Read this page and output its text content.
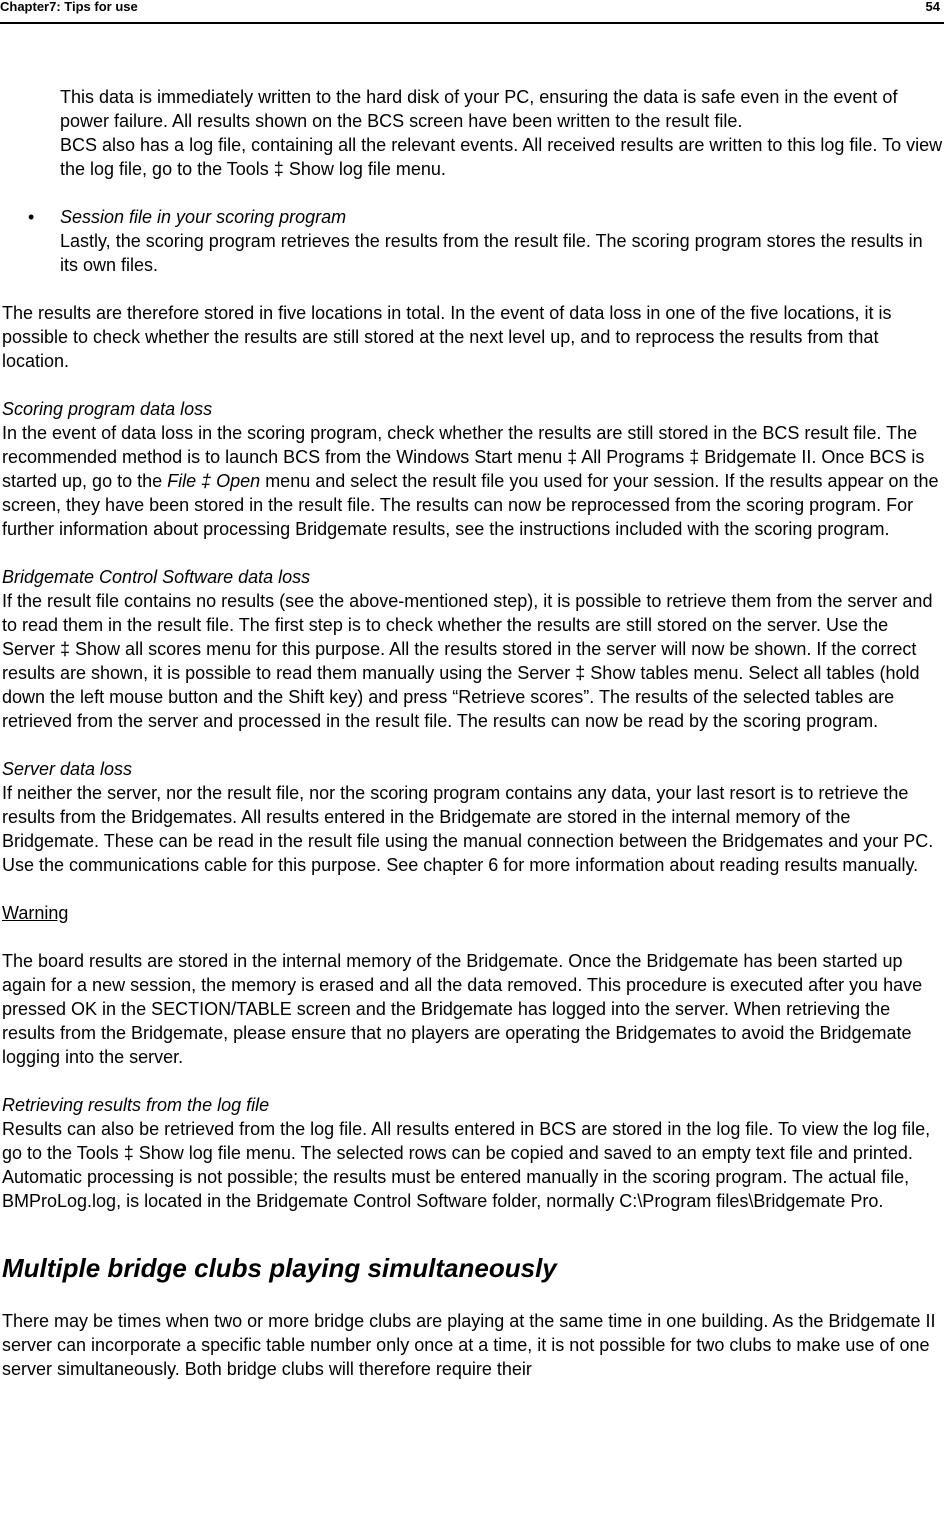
Chapter7: Tips for use	54

This data is immediately written to the hard disk of your PC, ensuring the data is safe even in the event of power failure. All results shown on the BCS screen have been written to the result file.

BCS also has a log file, containing all the relevant events. All received results are written to this log file. To view the log file, go to the Tools ‡ Show log file menu.

• Session file in your scoring program

Lastly, the scoring program retrieves the results from the result file. The scoring program stores the results in its own files.

The results are therefore stored in five locations in total. In the event of data loss in one of the five locations, it is possible to check whether the results are still stored at the next level up, and to reprocess the results from that location.

Scoring program data loss

In the event of data loss in the scoring program, check whether the results are still stored in the BCS result file. The recommended method is to launch BCS from the Windows Start menu ‡ All Programs ‡ Bridgemate II. Once BCS is started up, go to the File ‡ Open menu and select the result file you used for your session. If the results appear on the screen, they have been stored in the result file. The results can now be reprocessed from the scoring program. For further information about processing Bridgemate results, see the instructions included with the scoring program.

Bridgemate Control Software data loss

If the result file contains no results (see the above-mentioned step), it is possible to retrieve them from the server and to read them in the result file. The first step is to check whether the results are still stored on the server. Use the Server ‡ Show all scores menu for this purpose. All the results stored in the server will now be shown. If the correct results are shown, it is possible to read them manually using the Server ‡ Show tables menu. Select all tables (hold down the left mouse button and the Shift key) and press “Retrieve scores”. The results of the selected tables are retrieved from the server and processed in the result file. The results can now be read by the scoring program.

Server data loss

If neither the server, nor the result file, nor the scoring program contains any data, your last resort is to retrieve the results from the Bridgemates. All results entered in the Bridgemate are stored in the internal memory of the Bridgemate. These can be read in the result file using the manual connection between the Bridgemates and your PC. Use the communications cable for this purpose. See chapter 6 for more information about reading results manually.

Warning

The board results are stored in the internal memory of the Bridgemate. Once the Bridgemate has been started up again for a new session, the memory is erased and all the data removed. This procedure is executed after you have pressed OK in the SECTION/TABLE screen and the Bridgemate has logged into the server. When retrieving the results from the Bridgemate, please ensure that no players are operating the Bridgemates to avoid the Bridgemate logging into the server.

Retrieving results from the log file

Results can also be retrieved from the log file. All results entered in BCS are stored in the log file. To view the log file, go to the Tools ‡ Show log file menu. The selected rows can be copied and saved to an empty text file and printed. Automatic processing is not possible; the results must be entered manually in the scoring program. The actual file, BMProLog.log, is located in the Bridgemate Control Software folder, normally C:\Program files\Bridgemate Pro.

Multiple bridge clubs playing simultaneously

There may be times when two or more bridge clubs are playing at the same time in one building. As the Bridgemate II server can incorporate a specific table number only once at a time, it is not possible for two clubs to make use of one server simultaneously. Both bridge clubs will therefore require their
